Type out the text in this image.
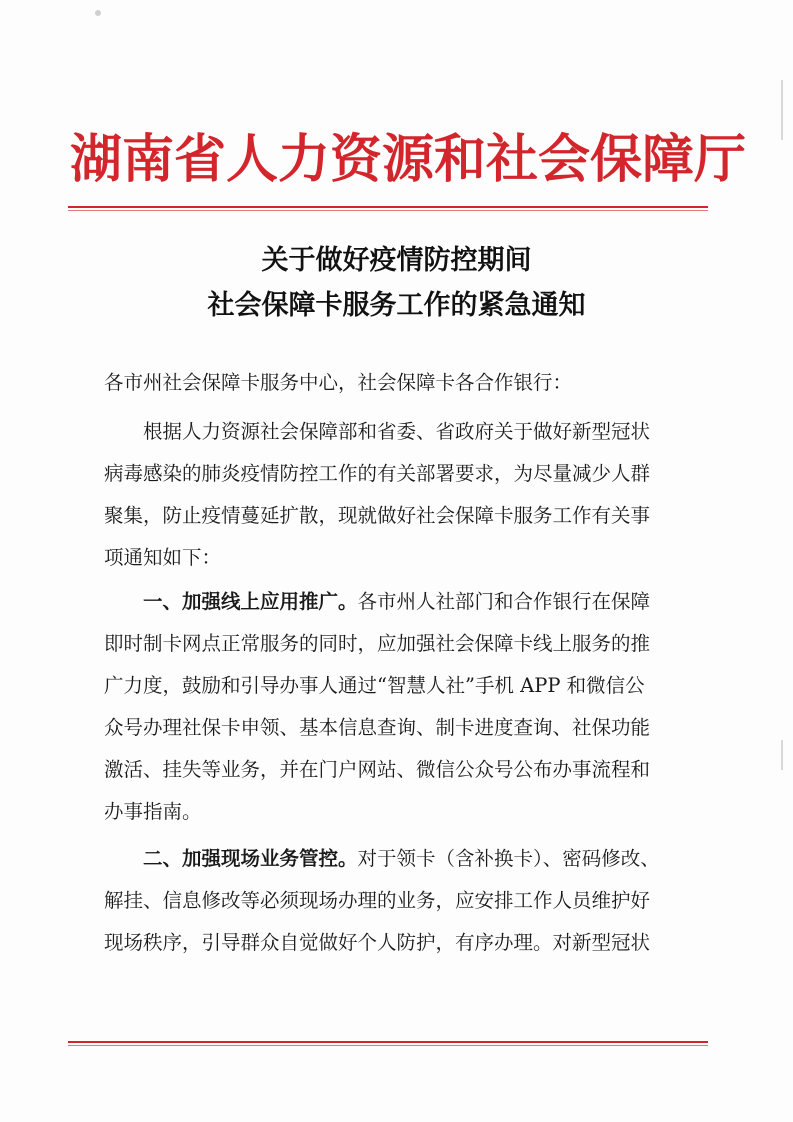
湖南省人力资源和社会保障厅
关于做好疫情防控期间
社会保障卡服务工作的紧急通知
各市州社会保障卡服务中心，社会保障卡各合作银行：
　　根据人力资源社会保障部和省委、省政府关于做好新型冠状
病毒感染的肺炎疫情防控工作的有关部署要求，为尽量减少人群
聚集，防止疫情蔓延扩散，现就做好社会保障卡服务工作有关事
项通知如下：
　　一、加强线上应用推广。各市州人社部门和合作银行在保障
即时制卡网点正常服务的同时，应加强社会保障卡线上服务的推
广力度，鼓励和引导办事人通过“智慧人社”手机 APP 和微信公
众号办理社保卡申领、基本信息查询、制卡进度查询、社保功能
激活、挂失等业务，并在门户网站、微信公众号公布办事流程和
办事指南。
　　二、加强现场业务管控。对于领卡（含补换卡）、密码修改、
解挂、信息修改等必须现场办理的业务，应安排工作人员维护好
现场秩序，引导群众自觉做好个人防护，有序办理。对新型冠状
